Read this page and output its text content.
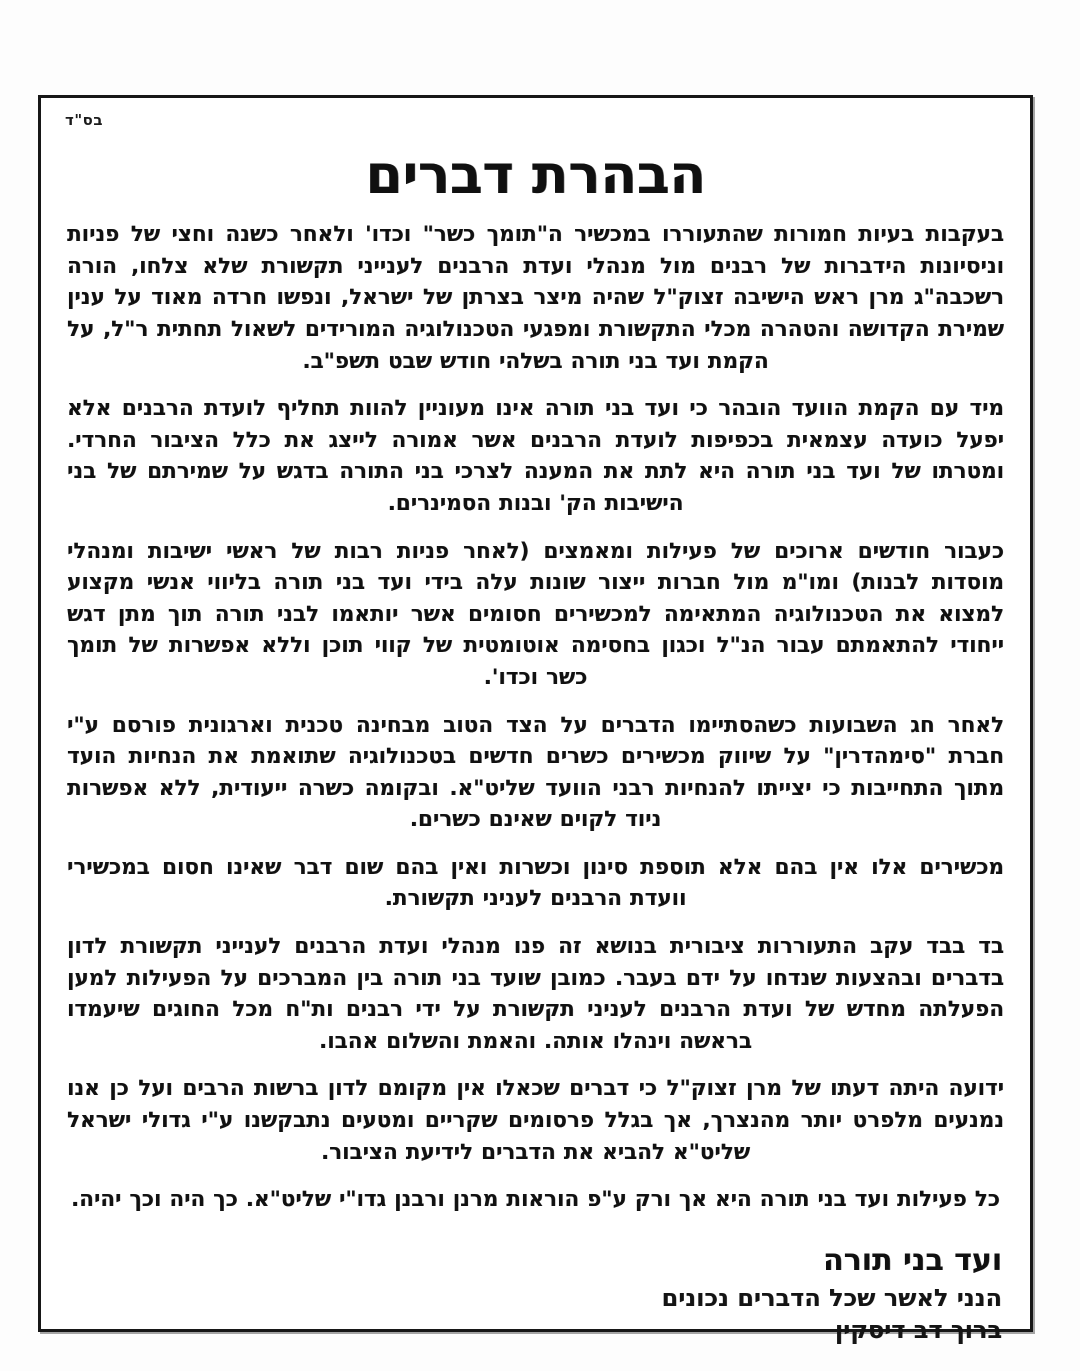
בס"ד
הבהרת דברים

בעקבות בעיות חמורות שהתעוררו במכשיר ה"תומך כשר" וכדו' ולאחר כשנה וחצי של פניות וניסיונות הידברות של רבנים מול מנהלי ועדת הרבנים לענייני תקשורת שלא צלחו, הורה רשכבה"ג מרן ראש הישיבה זצוק"ל שהיה מיצר בצרתן של ישראל, ונפשו חרדה מאוד על ענין שמירת הקדושה והטהרה מכלי התקשורת ומפגעי הטכנולוגיה המורידים לשאול תחתית ר"ל, על הקמת ועד בני תורה בשלהי חודש שבט תשפ"ב.

מיד עם הקמת הוועד הובהר כי ועד בני תורה אינו מעוניין להוות תחליף לועדת הרבנים אלא יפעל כועדה עצמאית בכפיפות לועדת הרבנים אשר אמורה לייצג את כלל הציבור החרדי. ומטרתו של ועד בני תורה היא לתת את המענה לצרכי בני התורה בדגש על שמירתם של בני הישיבות הק' ובנות הסמינרים.

כעבור חודשים ארוכים של פעילות ומאמצים (לאחר פניות רבות של ראשי ישיבות ומנהלי מוסדות לבנות) ומו"מ מול חברות ייצור שונות עלה בידי ועד בני תורה בליווי אנשי מקצוע למצוא את הטכנולוגיה המתאימה למכשירים חסומים אשר יותאמו לבני תורה תוך מתן דגש ייחודי להתאמתם עבור הנ"ל וכגון בחסימה אוטומטית של קווי תוכן וללא אפשרות של תומך כשר וכדו'.

לאחר חג השבועות כשהסתיימו הדברים על הצד הטוב מבחינה טכנית וארגונית פורסם ע"י חברת "סימהדרין" על שיווק מכשירים כשרים חדשים בטכנולוגיה שתואמת את הנחיות הועד מתוך התחייבות כי יצייתו להנחיות רבני הוועד שליט"א. ובקומה כשרה ייעודית, ללא אפשרות ניוד לקוים שאינם כשרים.

מכשירים אלו אין בהם אלא תוספת סינון וכשרות ואין בהם שום דבר שאינו חסום במכשירי וועדת הרבנים לעניני תקשורת.

בד בבד עקב התעוררות ציבורית בנושא זה פנו מנהלי ועדת הרבנים לענייני תקשורת לדון בדברים ובהצעות שנדחו על ידם בעבר. כמובן שועד בני תורה בין המברכים על הפעילות למען הפעלתה מחדש של ועדת הרבנים לעניני תקשורת על ידי רבנים ות"ח מכל החוגים שיעמדו בראשה וינהלו אותה. והאמת והשלום אהבו.

ידועה היתה דעתו של מרן זצוק"ל כי דברים שכאלו אין מקומם לדון ברשות הרבים ועל כן אנו נמנעים מלפרט יותר מהנצרך, אך בגלל פרסומים שקריים ומטעים נתבקשנו ע"י גדולי ישראל שליט"א להביא את הדברים לידיעת הציבור.

כל פעילות ועד בני תורה היא אך ורק ע"פ הוראות מרנן ורבנן גדו"י שליט"א. כך היה וכך יהיה.

ועד בני תורה
הנני לאשר שכל הדברים נכונים
ברוך דב דיסקין
